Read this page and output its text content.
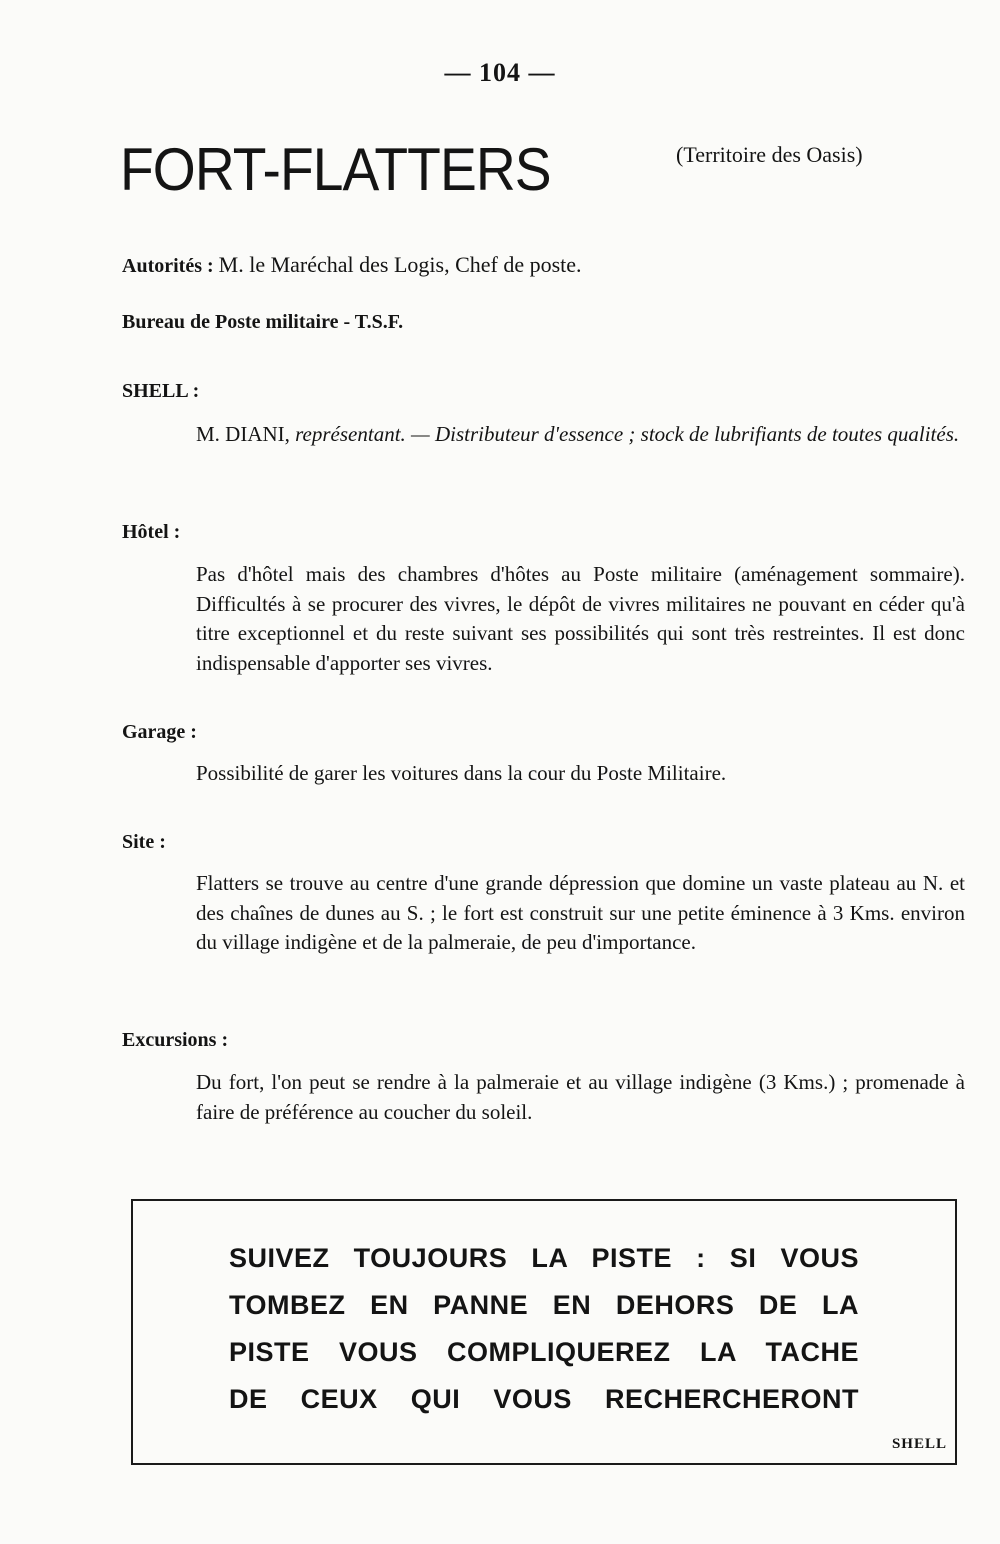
— 104 —
FORT-FLATTERS	(Territoire des Oasis)
Autorités : M. le Maréchal des Logis, Chef de poste.
Bureau de Poste militaire - T.S.F.
SHELL :
M. DIANI, représentant. — Distributeur d'essence ; stock de lubrifiants de toutes qualités.
Hôtel :
Pas d'hôtel mais des chambres d'hôtes au Poste militaire (aménagement sommaire). Difficultés à se procurer des vivres, le dépôt de vivres militaires ne pouvant en céder qu'à titre exceptionnel et du reste suivant ses possibilités qui sont très restreintes. Il est donc indispensable d'apporter ses vivres.
Garage :
Possibilité de garer les voitures dans la cour du Poste Militaire.
Site :
Flatters se trouve au centre d'une grande dépression que domine un vaste plateau au N. et des chaînes de dunes au S. ; le fort est construit sur une petite éminence à 3 Kms. environ du village indigène et de la palmeraie, de peu d'importance.
Excursions :
Du fort, l'on peut se rendre à la palmeraie et au village indigène (3 Kms.) ; promenade à faire de préférence au coucher du soleil.
SUIVEZ TOUJOURS LA PISTE : SI VOUS
TOMBEZ EN PANNE EN DEHORS DE LA
PISTE VOUS COMPLIQUEREZ LA TACHE
DE CEUX QUI VOUS RECHERCHERONT
SHELL
